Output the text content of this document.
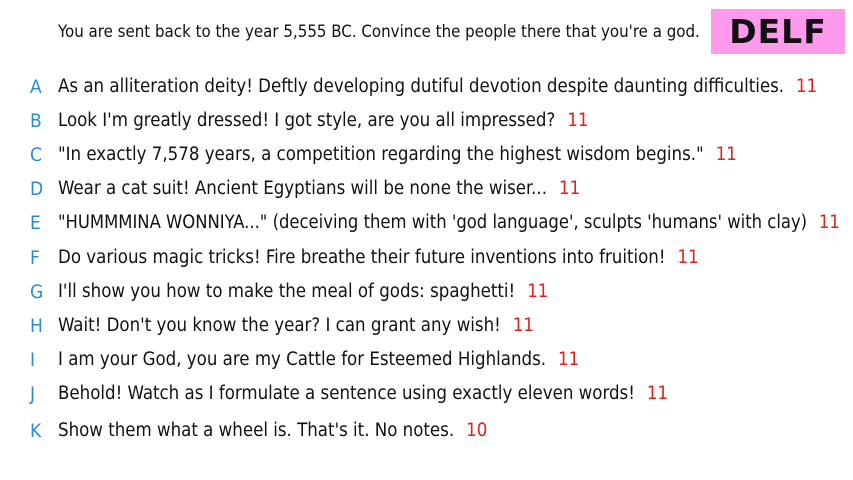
You are sent back to the year 5,555 BC. Convince the people there that you're a god. DELF
A As an alliteration deity! Deftly developing dutiful devotion despite daunting difficulties. 11
B Look I'm greatly dressed! I got style, are you all impressed? 11
C "In exactly 7,578 years, a competition regarding the highest wisdom begins." 11
D Wear a cat suit! Ancient Egyptians will be none the wiser... 11
E "HUMMMINA WONNIYA..." (deceiving them with 'god language', sculpts 'humans' with clay) 11
F Do various magic tricks! Fire breathe their future inventions into fruition! 11
G I'll show you how to make the meal of gods: spaghetti! 11
H Wait! Don't you know the year? I can grant any wish! 11
I I am your God, you are my Cattle for Esteemed Highlands. 11
J Behold! Watch as I formulate a sentence using exactly eleven words! 11
K Show them what a wheel is. That's it. No notes. 10
